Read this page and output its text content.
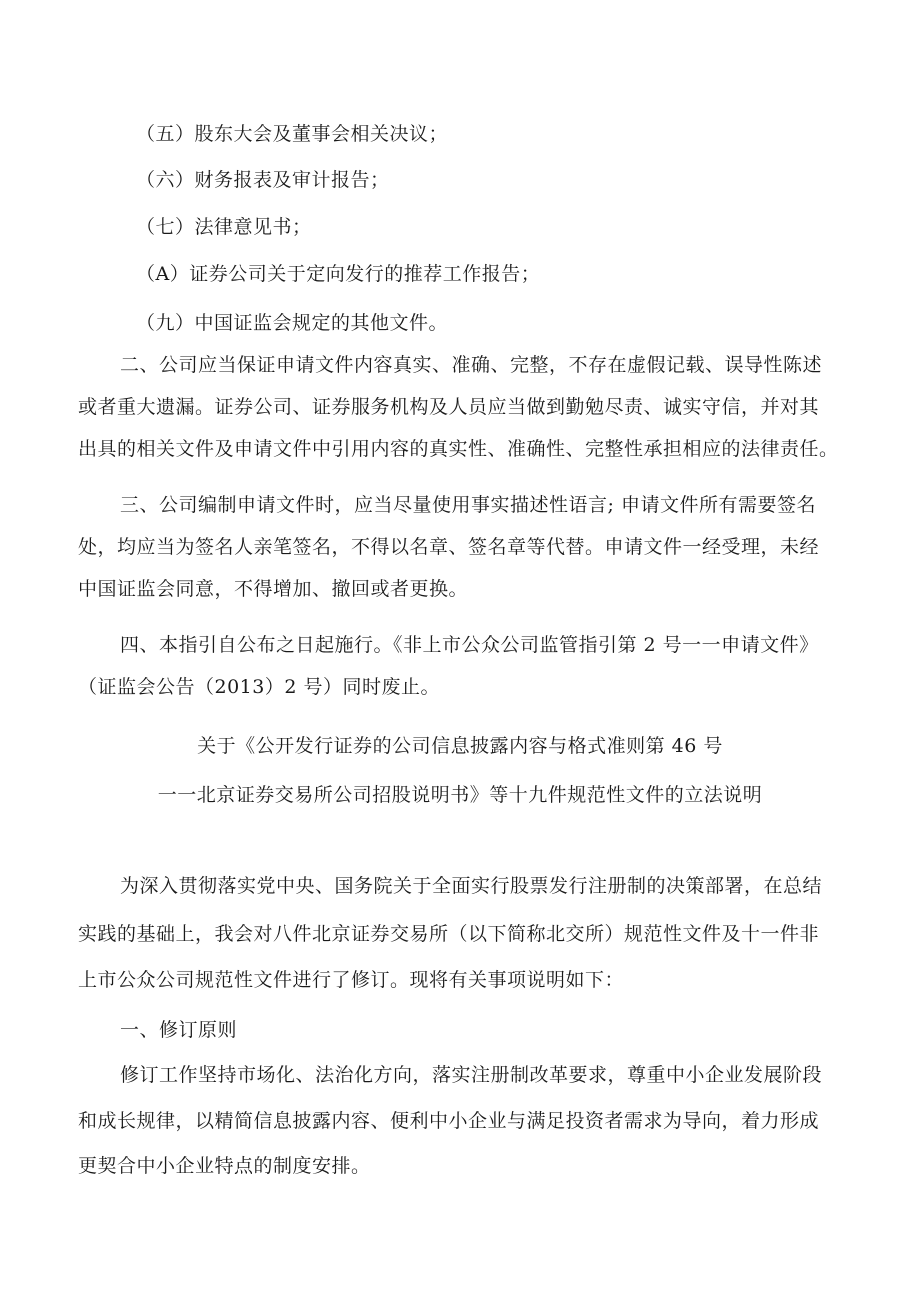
（五）股东大会及董事会相关决议；
（六）财务报表及审计报告；
（七）法律意见书；
（A）证券公司关于定向发行的推荐工作报告；
（九）中国证监会规定的其他文件。
二、公司应当保证申请文件内容真实、准确、完整，不存在虚假记载、误导性陈述
或者重大遗漏。证券公司、证券服务机构及人员应当做到勤勉尽责、诚实守信，并对其
出具的相关文件及申请文件中引用内容的真实性、准确性、完整性承担相应的法律责任。
三、公司编制申请文件时，应当尽量使用事实描述性语言; 申请文件所有需要签名
处，均应当为签名人亲笔签名，不得以名章、签名章等代替。申请文件一经受理，未经
中国证监会同意，不得增加、撤回或者更换。
四、本指引自公布之日起施行。《非上市公众公司监管指引第 2 号一一申请文件》
（证监会公告（2013）2 号）同时废止。
关于《公开发行证券的公司信息披露内容与格式准则第 46 号
一一北京证券交易所公司招股说明书》等十九件规范性文件的立法说明
为深入贯彻落实党中央、国务院关于全面实行股票发行注册制的决策部署，在总结
实践的基础上，我会对八件北京证券交易所（以下简称北交所）规范性文件及十一件非
上市公众公司规范性文件进行了修订。现将有关事项说明如下：
一、修订原则
修订工作坚持市场化、法治化方向，落实注册制改革要求，尊重中小企业发展阶段
和成长规律，以精简信息披露内容、便利中小企业与满足投资者需求为导向，着力形成
更契合中小企业特点的制度安排。
